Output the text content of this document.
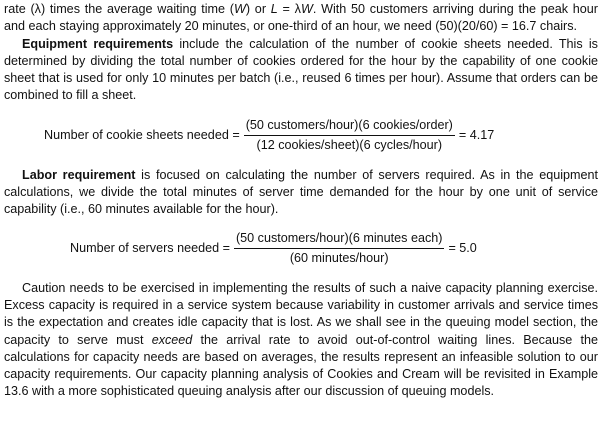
rate (λ) times the average waiting time (W) or L = λW. With 50 customers arriving during the peak hour and each staying approximately 20 minutes, or one-third of an hour, we need (50)(20/60) = 16.7 chairs.

Equipment requirements include the calculation of the number of cookie sheets needed. This is determined by dividing the total number of cookies ordered for the hour by the capability of one cookie sheet that is used for only 10 minutes per batch (i.e., reused 6 times per hour). Assume that orders can be combined to fill a sheet.

Number of cookie sheets needed = $\frac{\text{(50 customers/hour)(6 cookies/order)}}{\text{(12 cookies/sheet)(6 cycles/hour)}} = 4.17$

Labor requirement is focused on calculating the number of servers required. As in the equipment calculations, we divide the total minutes of server time demanded for the hour by one unit of service capability (i.e., 60 minutes available for the hour).

Number of servers needed = $\frac{\text{(50 customers/hour)(6 minutes each)}}{\text{(60 minutes/hour)}} = 5.0$

Caution needs to be exercised in implementing the results of such a naive capacity planning exercise. Excess capacity is required in a service system because variability in customer arrivals and service times is the expectation and creates idle capacity that is lost. As we shall see in the queuing model section, the capacity to serve must exceed the arrival rate to avoid out-of-control waiting lines. Because the calculations for capacity needs are based on averages, the results represent an infeasible solution to our capacity requirements. Our capacity planning analysis of Cookies and Cream will be revisited in Example 13.6 with a more sophisticated queuing analysis after our discussion of queuing models.
